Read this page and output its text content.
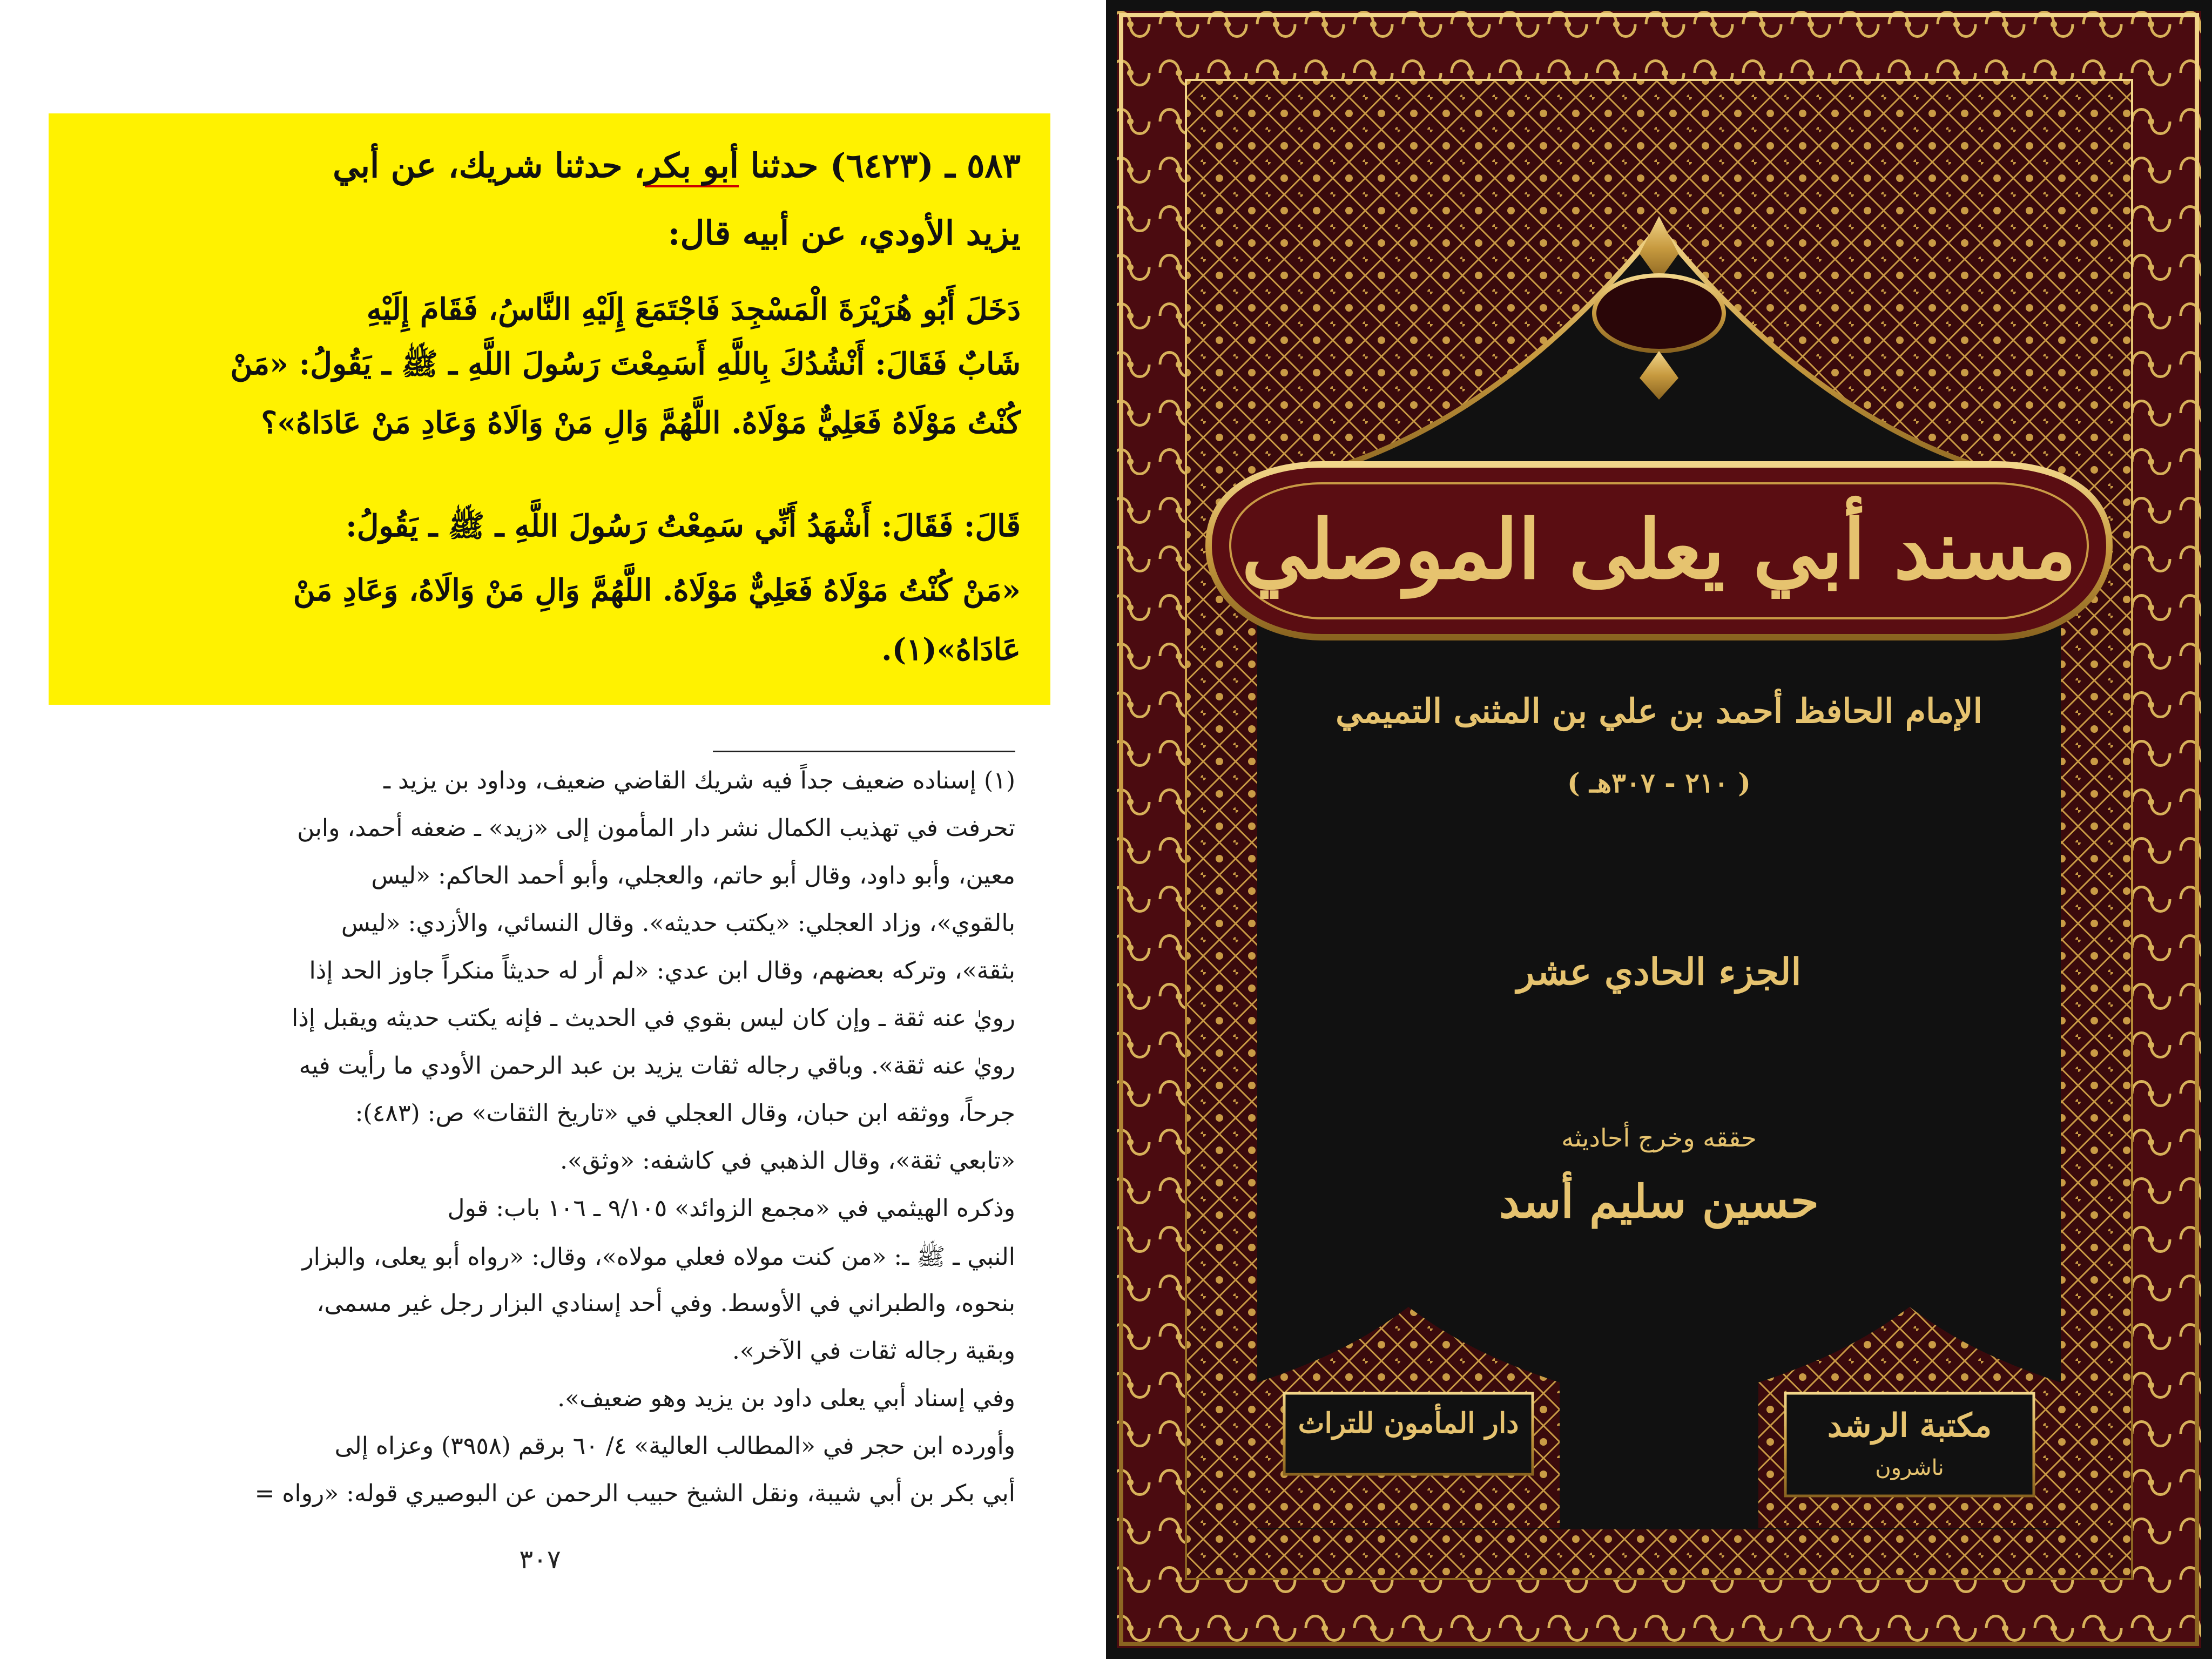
٥٨٣ ـ (٦٤٢٣) حدثنا أبو بكر، حدثنا شريك، عن أبي
يزيد الأودي، عن أبيه قال:
دَخَلَ أَبُو هُرَيْرَةَ الْمَسْجِدَ فَاجْتَمَعَ إِلَيْهِ النَّاسُ، فَقَامَ إِلَيْهِ
شَابٌ فَقَالَ: أَنْشُدُكَ بِاللَّهِ أَسَمِعْتَ رَسُولَ اللَّهِ ـ ﷺ ـ يَقُولُ: «مَنْ
كُنْتُ مَوْلَاهُ فَعَلِيٌّ مَوْلَاهُ. اللَّهُمَّ وَالِ مَنْ وَالَاهُ وَعَادِ مَنْ عَادَاهُ»؟
قَالَ: فَقَالَ: أَشْهَدُ أَنِّي سَمِعْتُ رَسُولَ اللَّهِ ـ ﷺ ـ يَقُولُ:
«مَنْ كُنْتُ مَوْلَاهُ فَعَلِيٌّ مَوْلَاهُ. اللَّهُمَّ وَالِ مَنْ وَالَاهُ، وَعَادِ مَنْ
عَادَاهُ»(١).
(١) إسناده ضعيف جداً فيه شريك القاضي ضعيف، وداود بن يزيد ـ
تحرفت في تهذيب الكمال نشر دار المأمون إلى «زيد» ـ ضعفه أحمد، وابن
معين، وأبو داود، وقال أبو حاتم، والعجلي، وأبو أحمد الحاكم: «ليس
بالقوي»، وزاد العجلي: «يكتب حديثه». وقال النسائي، والأزدي: «ليس
بثقة»، وتركه بعضهم، وقال ابن عدي: «لم أر له حديثاً منكراً جاوز الحد إذا
رويٰ عنه ثقة ـ وإن كان ليس بقوي في الحديث ـ فإنه يكتب حديثه ويقبل إذا
رويٰ عنه ثقة». وباقي رجاله ثقات يزيد بن عبد الرحمن الأودي ما رأيت فيه
جرحاً، ووثقه ابن حبان، وقال العجلي في «تاريخ الثقات» ص: (٤٨٣):
«تابعي ثقة»، وقال الذهبي في كاشفه: «وثق».
وذكره الهيثمي في «مجمع الزوائد» ٩/١٠٥ ـ ١٠٦ باب: قول
النبي ـ ﷺ ـ: «من كنت مولاه فعلي مولاه»، وقال: «رواه أبو يعلى، والبزار
بنحوه، والطبراني في الأوسط. وفي أحد إسنادي البزار رجل غير مسمى،
وبقية رجاله ثقات في الآخر».
وفي إسناد أبي يعلى داود بن يزيد وهو ضعيف».
وأورده ابن حجر في «المطالب العالية» ٤/ ٦٠ برقم (٣٩٥٨) وعزاه إلى
أبي بكر بن أبي شيبة، ونقل الشيخ حبيب الرحمن عن البوصيري قوله: «رواه =
٣٠٧
مسند أبي يعلى الموصلي
الإمام الحافظ أحمد بن علي بن المثنى التميمي
( ٢١٠ - ٣٠٧هـ )
الجزء الحادي عشر
حققه وخرج أحاديثه
حسين سليم أسد
دار المأمون للتراث	مكتبة الرشد
ناشرون
